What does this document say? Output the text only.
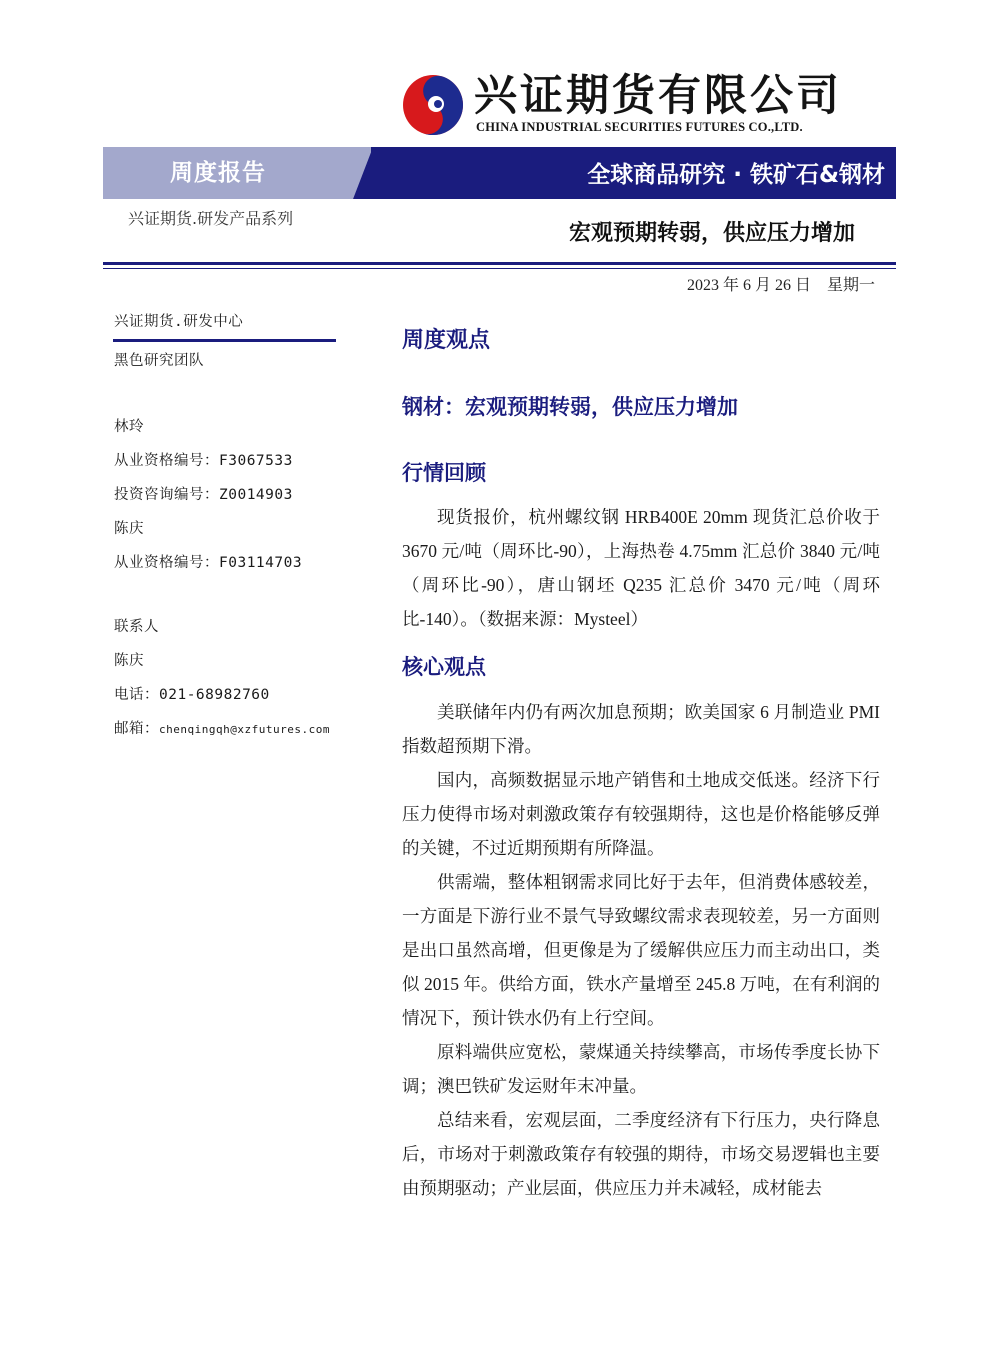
兴证期货有限公司
CHINA INDUSTRIAL SECURITIES FUTURES CO.,LTD.
周度报告	全球商品研究 · 铁矿石&钢材
兴证期货.研发产品系列
宏观预期转弱，供应压力增加
2023 年 6 月 26 日    星期一
兴证期货.研发中心
黑色研究团队
林玲
从业资格编号：F3067533
投资咨询编号：Z0014903
陈庆
从业资格编号：F03114703
联系人
陈庆
电话：021-68982760
邮箱：chenqingqh@xzfutures.com
周度观点
钢材：宏观预期转弱，供应压力增加
行情回顾

现货报价，杭州螺纹钢 HRB400E 20mm 现货汇总价收于 3670 元/吨（周环比-90），上海热卷 4.75mm 汇总价 3840 元/吨（周环比-90），唐山钢坯 Q235 汇总价 3470 元/吨（周环比-140）。（数据来源：Mysteel）

核心观点

美联储年内仍有两次加息预期；欧美国家 6 月制造业 PMI 指数超预期下滑。

国内，高频数据显示地产销售和土地成交低迷。经济下行压力使得市场对刺激政策存有较强期待，这也是价格能够反弹的关键，不过近期预期有所降温。

供需端，整体粗钢需求同比好于去年，但消费体感较差，一方面是下游行业不景气导致螺纹需求表现较差，另一方面则是出口虽然高增，但更像是为了缓解供应压力而主动出口，类似 2015 年。供给方面，铁水产量增至 245.8 万吨，在有利润的情况下，预计铁水仍有上行空间。

原料端供应宽松，蒙煤通关持续攀高，市场传季度长协下调；澳巴铁矿发运财年末冲量。

总结来看，宏观层面，二季度经济有下行压力，央行降息后，市场对于刺激政策存有较强的期待，市场交易逻辑也主要由预期驱动；产业层面，供应压力并未减轻，成材能去
